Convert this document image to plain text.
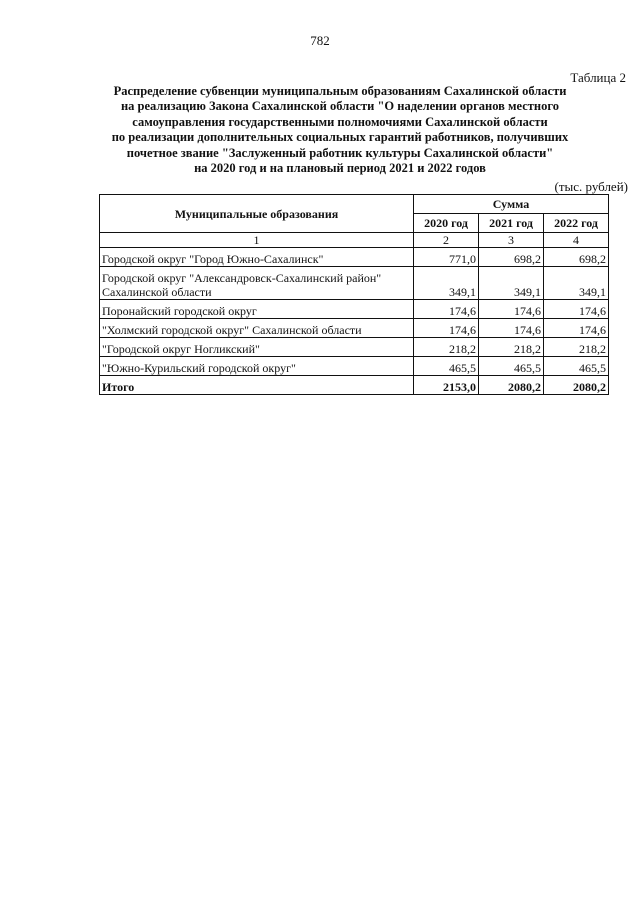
782
Таблица 2
Распределение субвенции муниципальным образованиям Сахалинской области
на реализацию Закона Сахалинской области "О наделении органов местного
самоуправления государственными полномочиями Сахалинской области
по реализации дополнительных социальных гарантий работников, получивших
почетное звание "Заслуженный работник культуры Сахалинской области"
на 2020 год и на плановый период 2021 и 2022 годов
(тыс. рублей)
Муниципальные образования	Сумма		
	2020 год	2021 год	2022 год
1	2	3	4

Городской округ "Город Южно-Сахалинск"	771,0	698,2	698,2

Городской округ "Александровск-Сахалинский район"
Сахалинской области	349,1	349,1	349,1

Поронайский городской округ	174,6	174,6	174,6

"Холмский городской округ" Сахалинской области	174,6	174,6	174,6

"Городской округ Ногликский"	218,2	218,2	218,2

"Южно-Курильский городской округ"	465,5	465,5	465,5
Итого	2153,0	2080,2	2080,2
